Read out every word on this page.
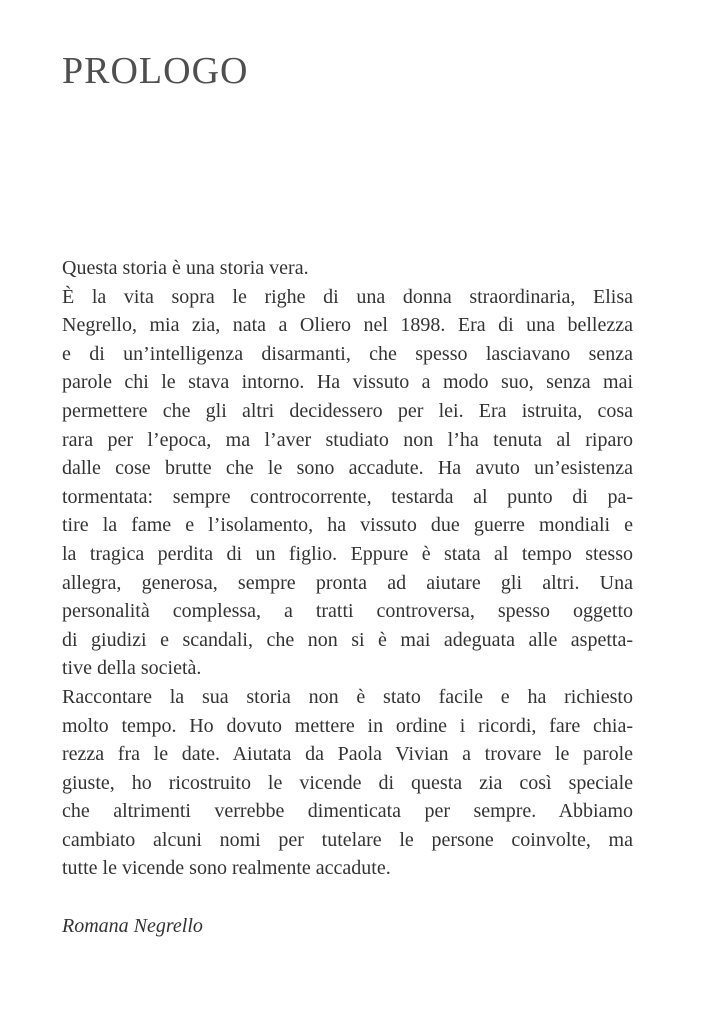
PROLOGO
Questa storia è una storia vera.
È la vita sopra le righe di una donna straordinaria, Elisa
Negrello, mia zia, nata a Oliero nel 1898. Era di una bellezza
e di un’intelligenza disarmanti, che spesso lasciavano senza
parole chi le stava intorno. Ha vissuto a modo suo, senza mai
permettere che gli altri decidessero per lei. Era istruita, cosa
rara per l’epoca, ma l’aver studiato non l’ha tenuta al riparo
dalle cose brutte che le sono accadute. Ha avuto un’esistenza
tormentata: sempre controcorrente, testarda al punto di pa-
tire la fame e l’isolamento, ha vissuto due guerre mondiali e
la tragica perdita di un figlio. Eppure è stata al tempo stesso
allegra, generosa, sempre pronta ad aiutare gli altri. Una
personalità complessa, a tratti controversa, spesso oggetto
di giudizi e scandali, che non si è mai adeguata alle aspetta-
tive della società.
Raccontare la sua storia non è stato facile e ha richiesto
molto tempo. Ho dovuto mettere in ordine i ricordi, fare chia-
rezza fra le date. Aiutata da Paola Vivian a trovare le parole
giuste, ho ricostruito le vicende di questa zia così speciale
che altrimenti verrebbe dimenticata per sempre. Abbiamo
cambiato alcuni nomi per tutelare le persone coinvolte, ma
tutte le vicende sono realmente accadute.
Romana Negrello
